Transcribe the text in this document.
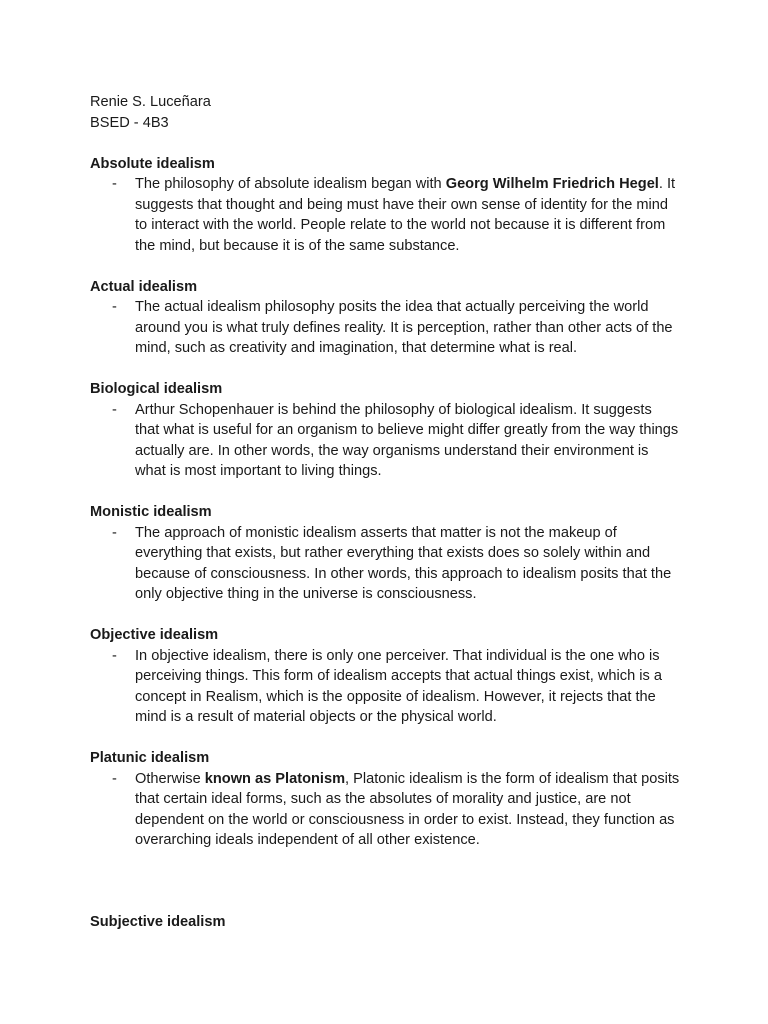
Renie S. Luceñara

BSED - 4B3

Absolute idealism

- The philosophy of absolute idealism began with Georg Wilhelm Friedrich Hegel. It suggests that thought and being must have their own sense of identity for the mind to interact with the world. People relate to the world not because it is different from the mind, but because it is of the same substance.

Actual idealism

- The actual idealism philosophy posits the idea that actually perceiving the world around you is what truly defines reality. It is perception, rather than other acts of the mind, such as creativity and imagination, that determine what is real.

Biological idealism

- Arthur Schopenhauer is behind the philosophy of biological idealism. It suggests that what is useful for an organism to believe might differ greatly from the way things actually are. In other words, the way organisms understand their environment is what is most important to living things.

Monistic idealism

- The approach of monistic idealism asserts that matter is not the makeup of everything that exists, but rather everything that exists does so solely within and because of consciousness. In other words, this approach to idealism posits that the only objective thing in the universe is consciousness.

Objective idealism

- In objective idealism, there is only one perceiver. That individual is the one who is perceiving things. This form of idealism accepts that actual things exist, which is a concept in Realism, which is the opposite of idealism. However, it rejects that the mind is a result of material objects or the physical world.

Platunic idealism

- Otherwise known as Platonism, Platonic idealism is the form of idealism that posits that certain ideal forms, such as the absolutes of morality and justice, are not dependent on the world or consciousness in order to exist. Instead, they function as overarching ideals independent of all other existence.

Subjective idealism
